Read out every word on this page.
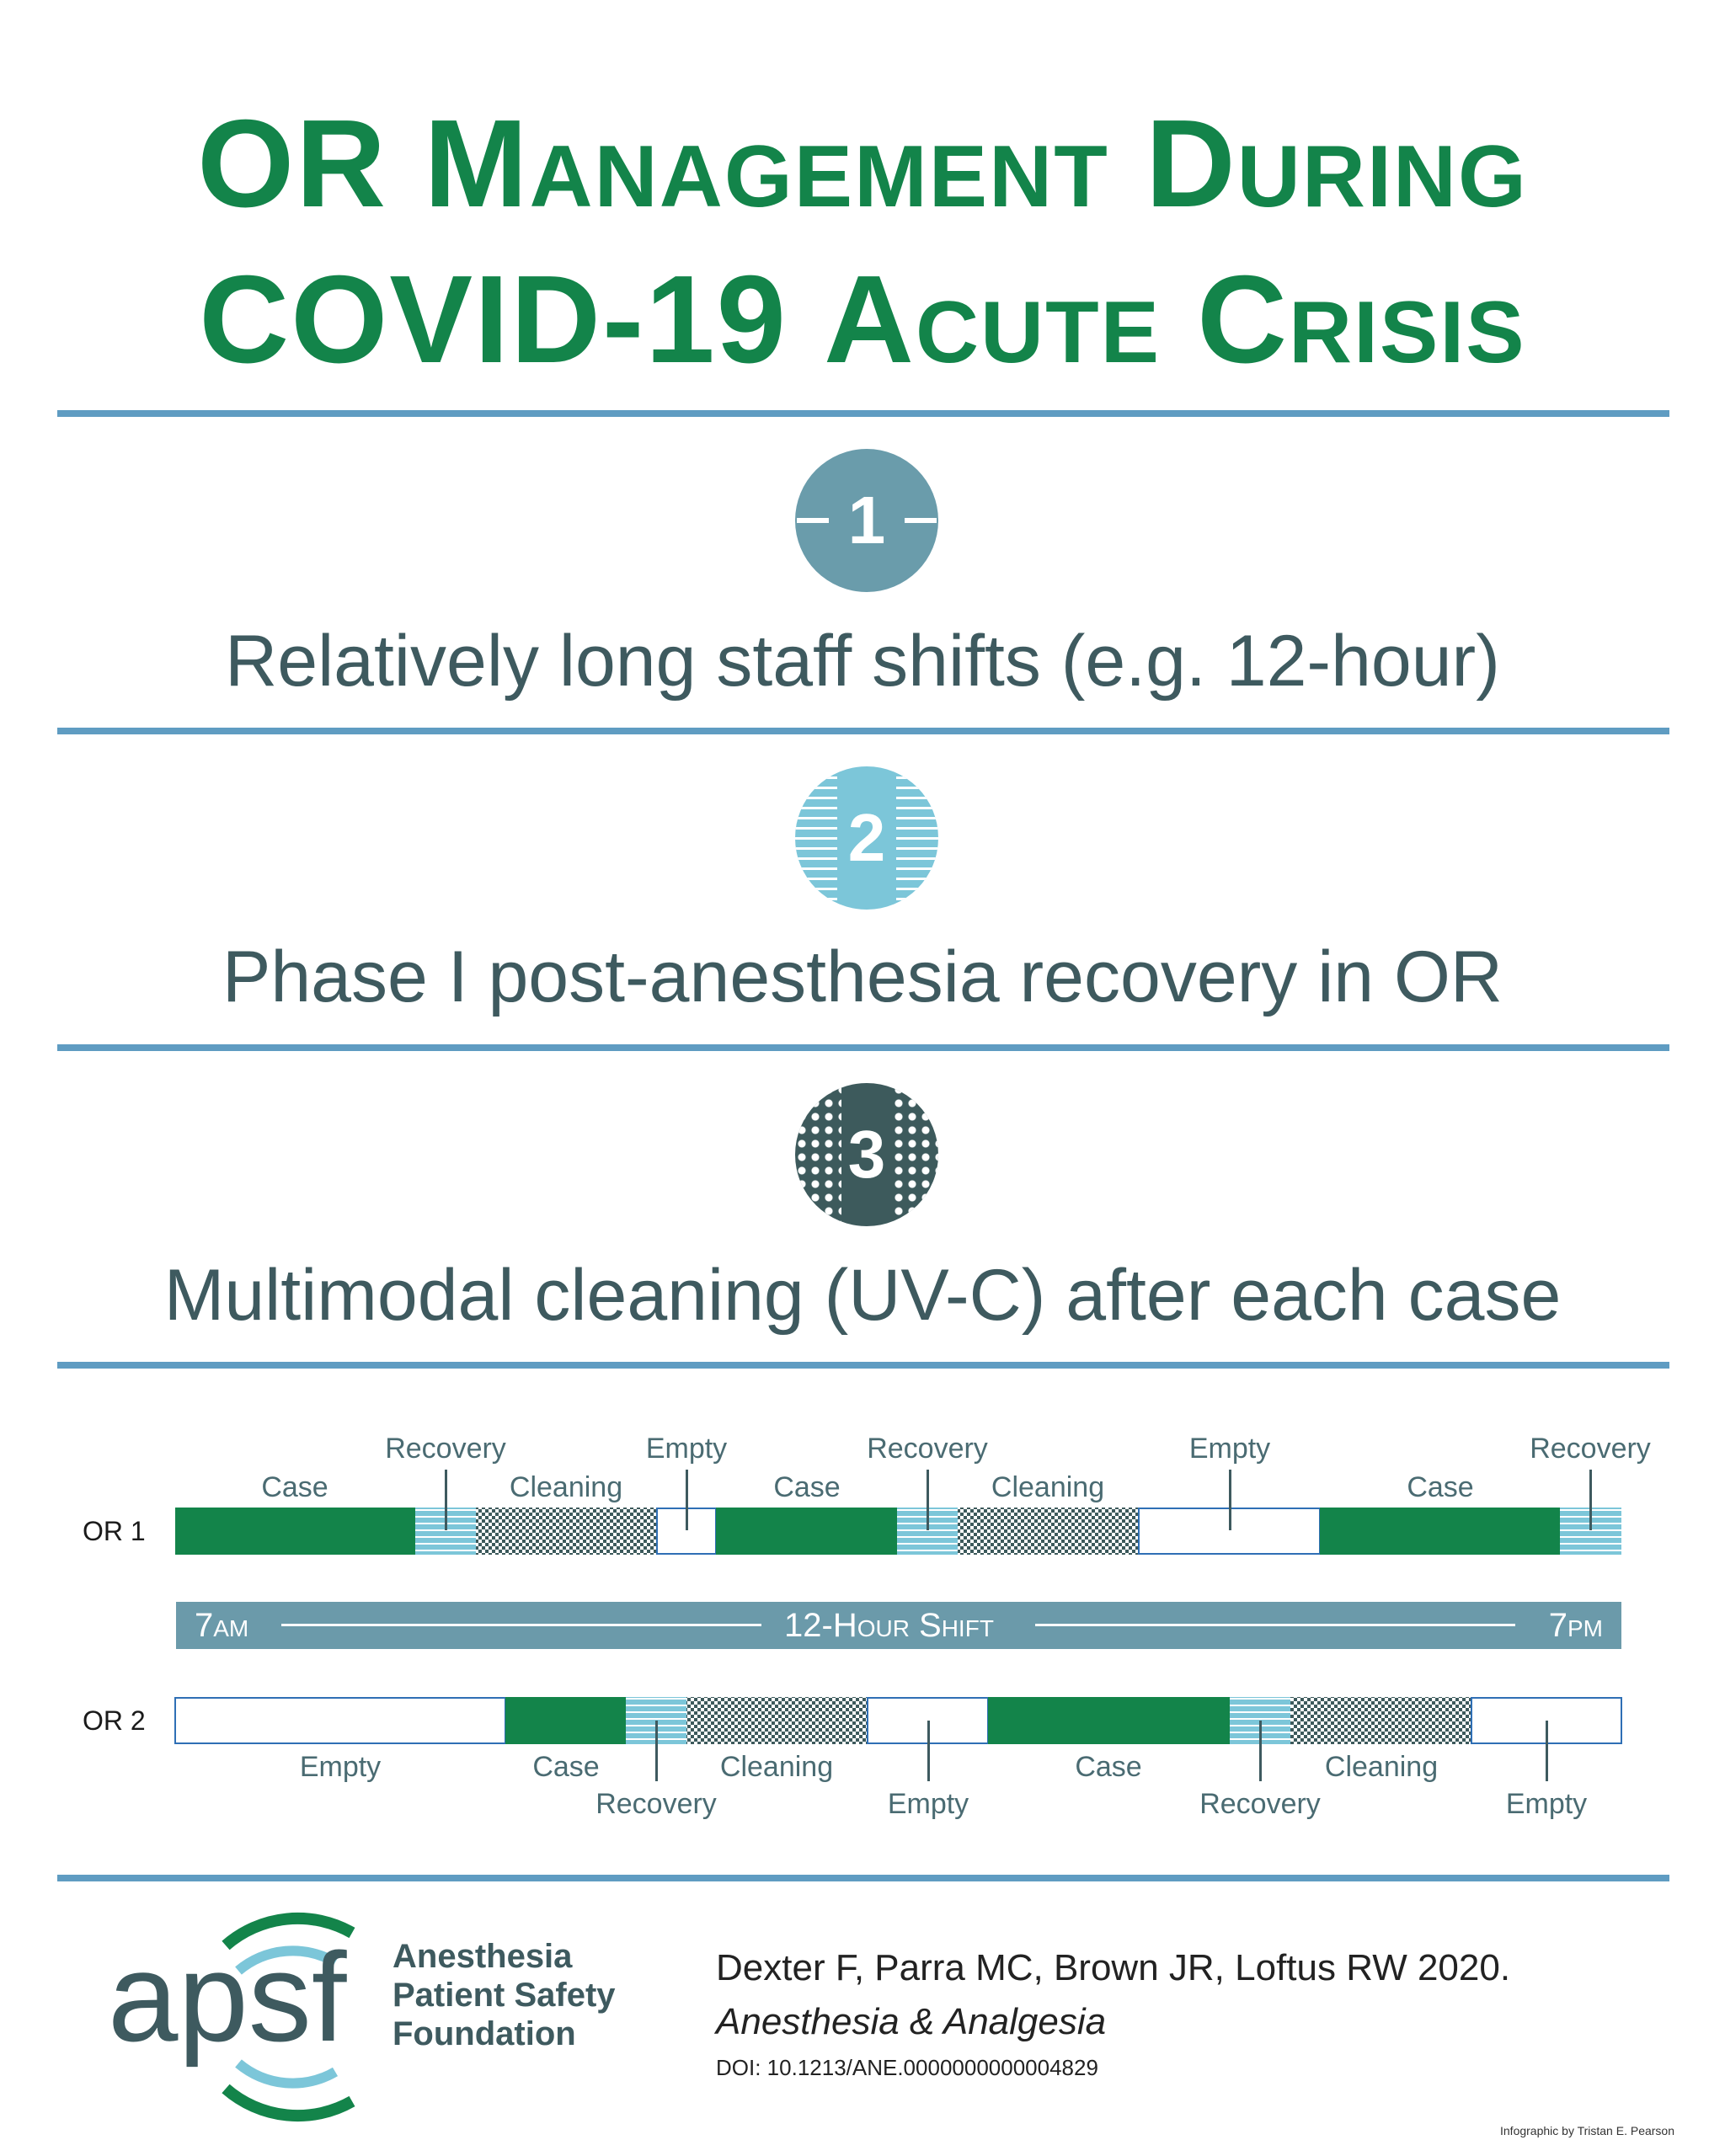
OR Management During
COVID-19 Acute Crisis
1
Relatively long staff shifts (e.g. 12-hour)
2
Phase I post-anesthesia recovery in OR
3
Multimodal cleaning (UV-C) after each case
OR 1
OR 2
Case
Recovery
Cleaning
Empty
Case
Recovery
Cleaning
Empty
Case
Recovery
7am	12-Hour Shift	7pm
Empty	Case
Recovery
Cleaning
Empty
Case
Recovery
Cleaning
Empty
apsf Anesthesia
Patient Safety
Foundation
Dexter F, Parra MC, Brown JR, Loftus RW 2020.
Anesthesia & Analgesia
DOI: 10.1213/ANE.0000000000004829
Infographic by Tristan E. Pearson
